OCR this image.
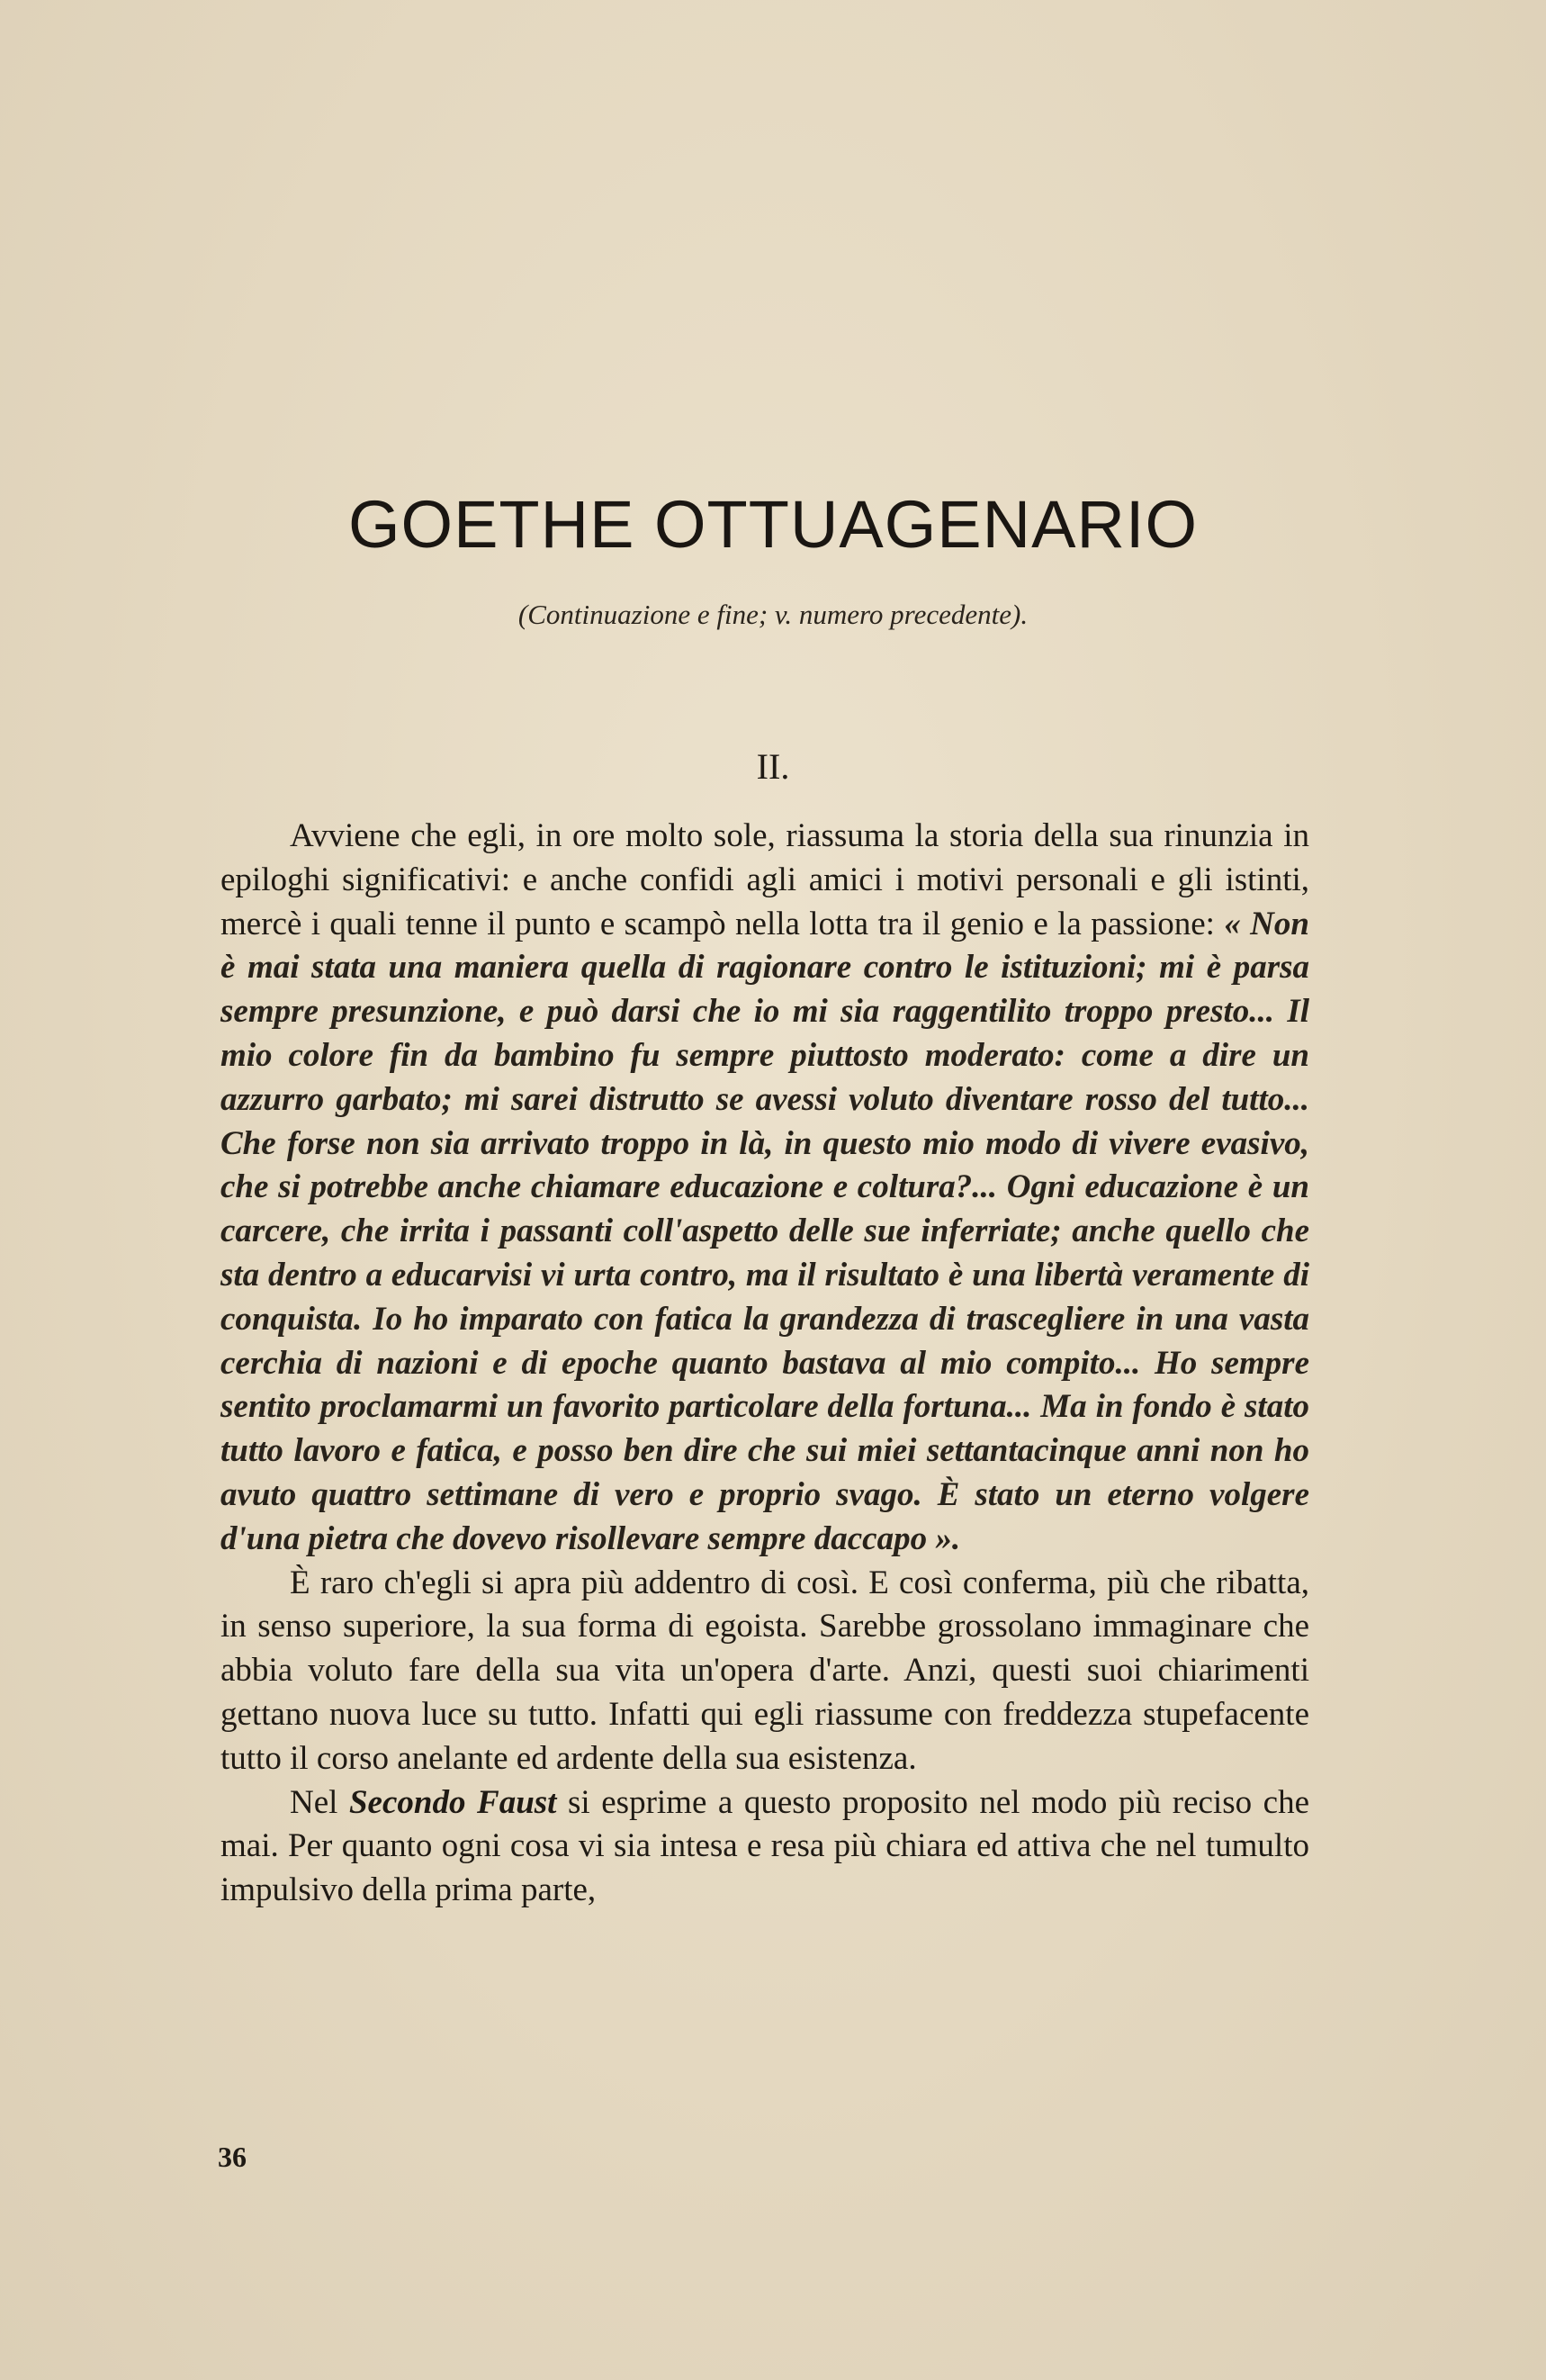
GOETHE OTTUAGENARIO
(Continuazione e fine; v. numero precedente).
II.

Avviene che egli, in ore molto sole, riassuma la storia della sua rinunzia in epiloghi significativi: e anche confidi agli amici i motivi personali e gli istinti, mercè i quali tenne il punto e scampò nella lotta tra il genio e la passione: « Non è mai stata una maniera quella di ragionare contro le istituzioni; mi è parsa sempre presunzione, e può darsi che io mi sia raggentilito troppo presto... Il mio colore fin da bambino fu sempre piuttosto moderato: come a dire un azzurro garbato; mi sarei distrutto se avessi voluto diventare rosso del tutto... Che forse non sia arrivato troppo in là, in questo mio modo di vivere evasivo, che si potrebbe anche chiamare educazione e coltura?... Ogni educazione è un carcere, che irrita i passanti coll'aspetto delle sue inferriate; anche quello che sta dentro a educarvisi vi urta contro, ma il risultato è una libertà veramente di conquista. Io ho imparato con fatica la grandezza di trascegliere in una vasta cerchia di nazioni e di epoche quanto bastava al mio compito... Ho sempre sentito proclamarmi un favorito particolare della fortuna... Ma in fondo è stato tutto lavoro e fatica, e posso ben dire che sui miei settantacinque anni non ho avuto quattro settimane di vero e proprio svago. È stato un eterno volgere d'una pietra che dovevo risollevare sempre daccapo ».

È raro ch'egli si apra più addentro di così. E così conferma, più che ribatta, in senso superiore, la sua forma di egoista. Sarebbe grossolano immaginare che abbia voluto fare della sua vita un'opera d'arte. Anzi, questi suoi chiarimenti gettano nuova luce su tutto. Infatti qui egli riassume con freddezza stupefacente tutto il corso anelante ed ardente della sua esistenza.

Nel Secondo Faust si esprime a questo proposito nel modo più reciso che mai. Per quanto ogni cosa vi sia intesa e resa più chiara ed attiva che nel tumulto impulsivo della prima parte,

36
